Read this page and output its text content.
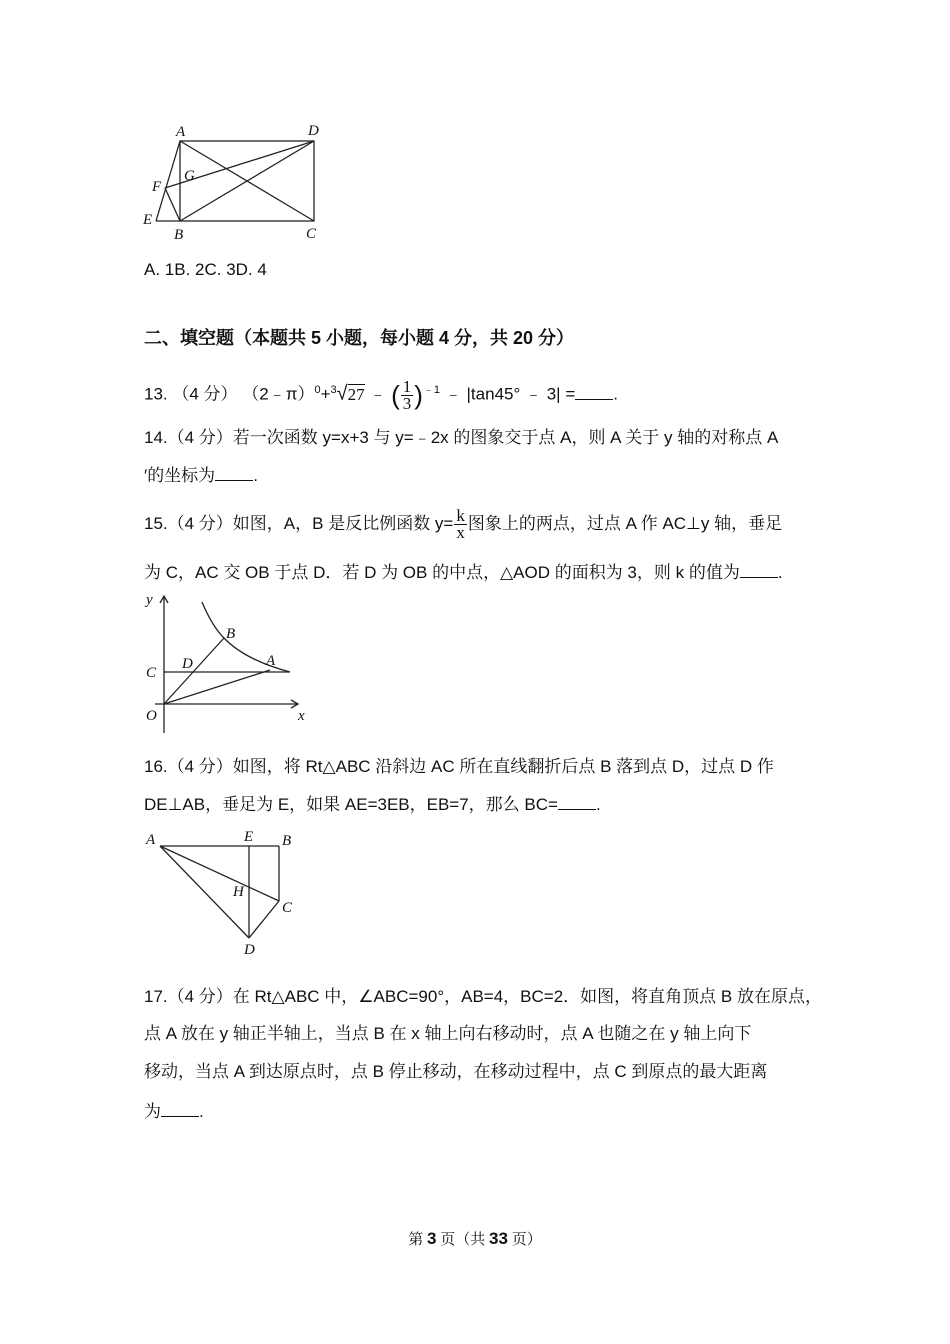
A	D
F
G
E
B	C
A. 1B. 2C. 3D. 4
二、填空题（本题共 5 小题，每小题 4 分，共 20 分）
13. （4 分） （2﹣π）$^0$+$^3$√27 ﹣ ( $\frac{1}{3} )^{﹣1}$ ﹣ |tan45° ﹣ 3| = .
14.（4 分）若一次函数 y=x+3 与 y=﹣2x 的图象交于点 A，则 A 关于 y 轴的对称点 A
′的坐标为 .
15.（4 分）如图，A，B 是反比例函数 $y= \frac{k}{x}$ 图象上的两点，过点 A 作 AC⊥y 轴，垂足
为 C，AC 交 OB 于点 D．若 D 为 OB 的中点，△AOD 的面积为 3，则 k 的值为 .
y
x
O
C
D
B
A
16.（4 分）如图，将 Rt△ABC 沿斜边 AC 所在直线翻折后点 B 落到点 D，过点 D 作
DE⊥AB，垂足为 E，如果 AE=3EB，EB=7，那么 BC= .
A	E B
H
C
D
17.（4 分）在 Rt△ABC 中，∠ABC=90°，AB=4，BC=2．如图，将直角顶点 B 放在原点，
点 A 放在 y 轴正半轴上，当点 B 在 x 轴上向右移动时，点 A 也随之在 y 轴上向下
移动，当点 A 到达原点时，点 B 停止移动，在移动过程中，点 C 到原点的最大距离
为 .
第 3 页（共 33 页）
